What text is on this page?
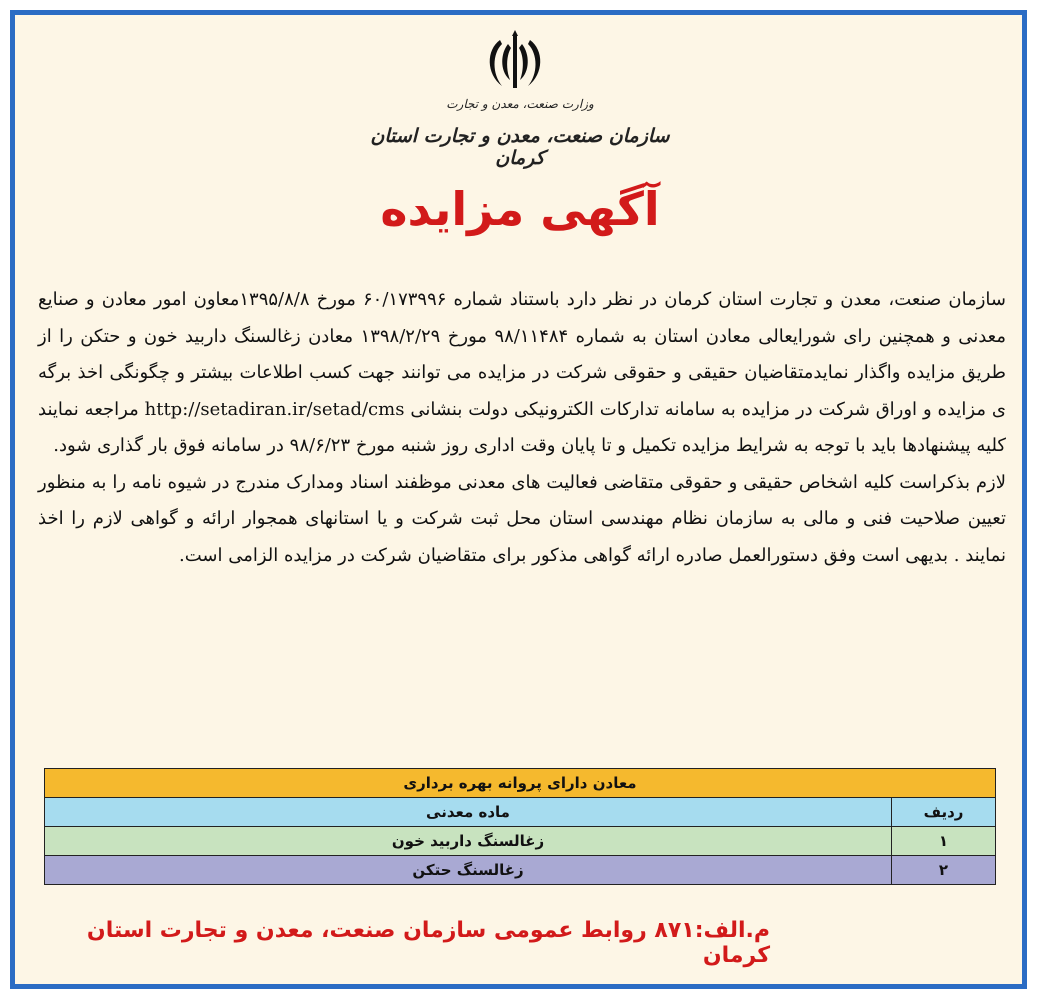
وزارت صنعت، معدن و تجارت
سازمان صنعت، معدن و تجارت استان کرمان
آگهی مزایده

سازمان صنعت، معدن و تجارت استان کرمان در نظر دارد باستناد شماره ۶۰/۱۷۳۹۹۶ مورخ ۱۳۹۵/۸/۸معاون امور معادن و صنایع معدنی و همچنین رای شورایعالی معادن استان به شماره ۹۸/۱۱۴۸۴ مورخ ۱۳۹۸/۲/۲۹ معادن زغالسنگ داربید خون و حتکن را از طریق مزایده واگذار نمایدمتقاضیان حقیقی و حقوقی شرکت در مزایده می توانند جهت کسب اطلاعات بیشتر و چگونگی اخذ برگه ی مزایده و اوراق شرکت در مزایده به سامانه تدارکات الکترونیکی دولت بنشانی http://setadiran.ir/setad/cms مراجعه نمایند کلیه پیشنهادها باید با توجه به شرایط مزایده تکمیل و تا پایان وقت اداری روز شنبه مورخ ۹۸/۶/۲۳ در سامانه فوق بار گذاری شود.

لازم بذکراست کلیه اشخاص حقیقی و حقوقی متقاضی فعالیت های معدنی موظفند اسناد ومدارک مندرج در شیوه نامه را به منظور تعیین صلاحیت فنی و مالی به سازمان نظام مهندسی استان محل ثبت شرکت و یا استانهای همجوار ارائه و گواهی لازم را اخذ نمایند . بدیهی است وفق دستورالعمل صادره ارائه گواهی مذکور برای متقاضیان شرکت در مزایده الزامی است.

معادن دارای پروانه بهره برداری	
ردیف	ماده معدنی
۱	زغالسنگ داربید خون
۲	زغالسنگ حتکن
م.الف:۸۷۱ روابط عمومی سازمان صنعت، معدن و تجارت استان کرمان
